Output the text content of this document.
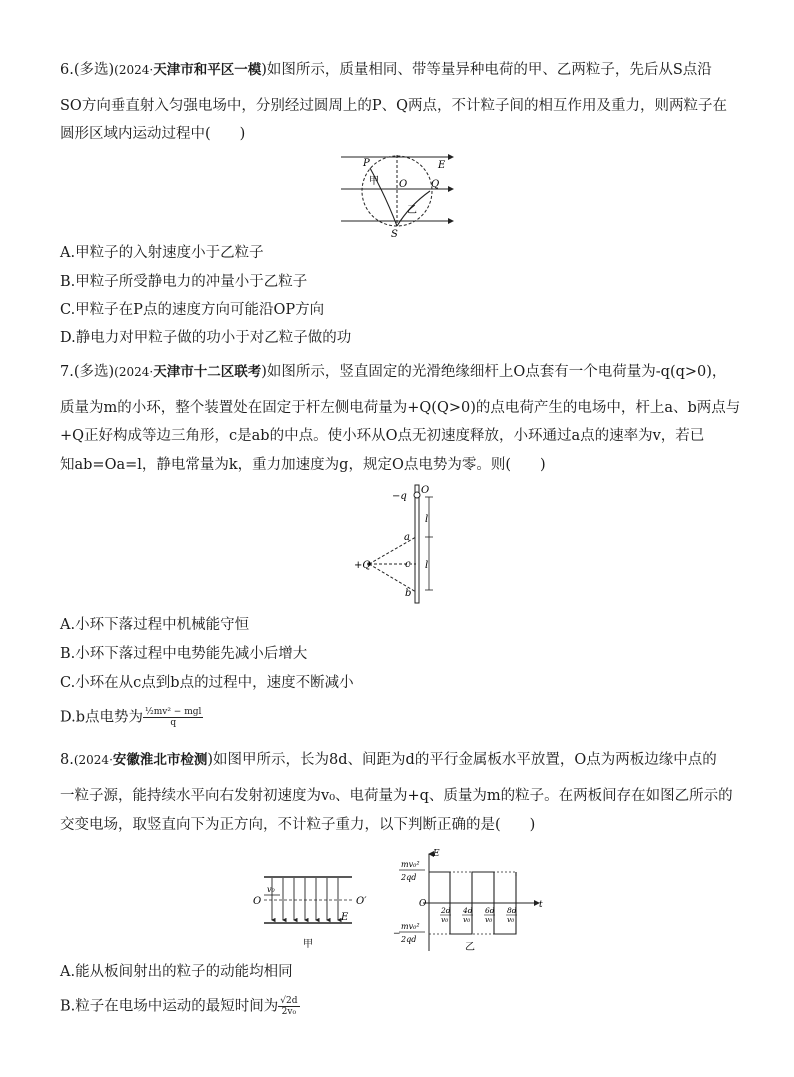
6.(多选)(2024·天津市和平区一模)如图所示，质量相同、带等量异种电荷的甲、乙两粒子，先后从S点沿
SO方向垂直射入匀强电场中，分别经过圆周上的P、Q两点，不计粒子间的相互作用及重力，则两粒子在
圆形区域内运动过程中(　　)
P	E
甲 O Q
乙
S
A.甲粒子的入射速度小于乙粒子
B.甲粒子所受静电力的冲量小于乙粒子
C.甲粒子在P点的速度方向可能沿OP方向
D.静电力对甲粒子做的功小于对乙粒子做的功
7.(多选)(2024·天津市十二区联考)如图所示，竖直固定的光滑绝缘细杆上O点套有一个电荷量为-q(q>0)，
质量为m的小环，整个装置处在固定于杆左侧电荷量为+Q(Q>0)的点电荷产生的电场中，杆上a、b两点与
+Q正好构成等边三角形，c是ab的中点。使小环从O点无初速度释放，小环通过a点的速率为v，若已
知ab=Oa=l，静电常量为k，重力加速度为g，规定O点电势为零。则(　　)
−q
O
l
a
+Q	c l
b
A.小环下落过程中机械能守恒
B.小环下落过程中电势能先减小后增大
C.小环在从c点到b点的过程中，速度不断减小
D.b点电势为 $\frac{\text{½mv² − mgl}}{q}$
8.(2024·安徽淮北市检测)如图甲所示，长为8d、间距为d的平行金属板水平放置，O点为两板边缘中点的
一粒子源，能持续水平向右发射初速度为v₀、电荷量为+q、质量为m的粒子。在两板间存在如图乙所示的
交变电场，取竖直向下为正方向，不计粒子重力，以下判断正确的是(　　)
v₀
O	O′
E
甲
E
mv₀²
2qd
O	t
−
mv₀²
2qd
2d
v₀
4d
v₀
6d
v₀
8d
v₀
乙
A.能从板间射出的粒子的动能均相同
B.粒子在电场中运动的最短时间为 $\frac{√2d}{\text{2v₀}}$
